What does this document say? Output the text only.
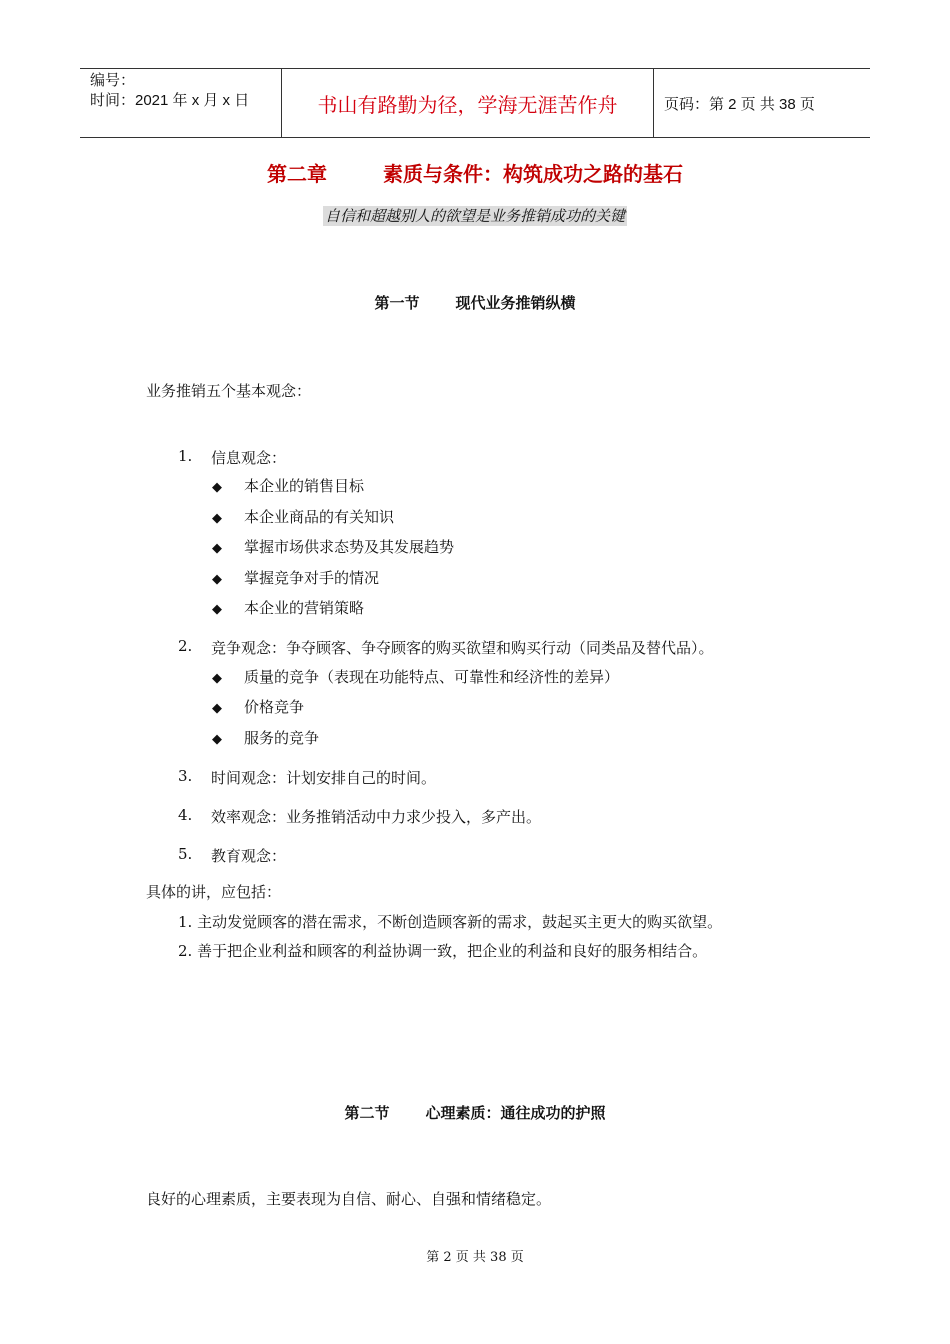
编号：
时间：2021 年 x 月 x 日	书山有路勤为径，学海无涯苦作舟	页码：第 2 页 共 38 页
第二章	素质与条件：构筑成功之路的基石
自信和超越别人的欲望是业务推销成功的关键
第一节 现代业务推销纵横
业务推销五个基本观念：
1. 信息观念：
◆ 本企业的销售目标
◆ 本企业商品的有关知识
◆ 掌握市场供求态势及其发展趋势
◆ 掌握竞争对手的情况
◆ 本企业的营销策略
2. 竞争观念：争夺顾客、争夺顾客的购买欲望和购买行动（同类品及替代品）。
◆ 质量的竞争（表现在功能特点、可靠性和经济性的差异）
◆ 价格竞争
◆ 服务的竞争
3. 时间观念：计划安排自己的时间。
4. 效率观念：业务推销活动中力求少投入，多产出。
5. 教育观念：
具体的讲，应包括：
1. 主动发觉顾客的潜在需求，不断创造顾客新的需求，鼓起买主更大的购买欲望。
2. 善于把企业利益和顾客的利益协调一致，把企业的利益和良好的服务相结合。
第二节 心理素质：通往成功的护照
良好的心理素质，主要表现为自信、耐心、自强和情绪稳定。
第 2 页 共 38 页
